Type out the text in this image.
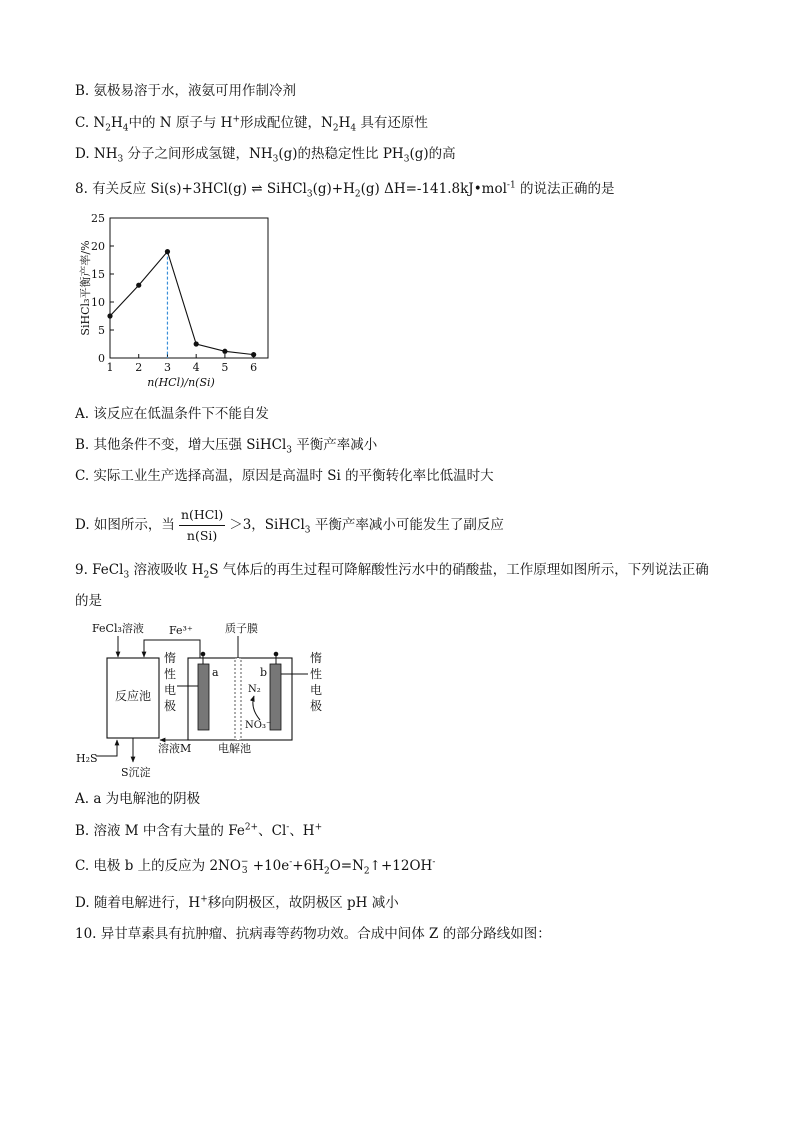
B. 氨极易溶于水，液氨可用作制冷剂
C. $N_2H_4$中的 N 原子与 H+形成配位键，$N_2H_4$ 具有还原性
D. $NH_3$ 分子之间形成氢键，$NH_3(g)$的热稳定性比 $PH_3(g)$的高
8. 有关反应 Si(s)+3HCl(g) ⇌ $SiHCl_3(g)+H_2(g)$ ΔH=-141.8kJ•mol$^{-1}$ 的说法正确的是
0
5
10
15
20
25
1 2 3 4 5 6
n(HCl)/n(Si)
SiHCl₃平衡产率/%
A. 该反应在低温条件下不能自发
B. 其他条件不变，增大压强 SiHCl$_3$ 平衡产率减小
C. 实际工业生产选择高温，原因是高温时 Si 的平衡转化率比低温时大
D. 如图所示，当 $\frac{\text{n(HCl)}}{n(Si)} >3$，SiHCl$_3$ 平衡产率减小可能发生了副反应
9. FeCl$_3$ 溶液吸收 $H_2S$ 气体后的再生过程可降解酸性污水中的硝酸盐，工作原理如图所示，下列说法正确
的是
反应池
FeCl₃溶液 Fe³⁺
H₂S
S沉淀
溶液M 电解池
质子膜
a	b
N₂
NO₃⁻
惰
性
电
极
惰
性
电
极
A. a 为电解池的阴极
B. 溶液 M 中含有大量的 $Fe^{2+}$、Cl-、H+
C. 电极 b 上的反应为 2NO −
$3 +10e^-+6H_2O=N_2↑+12OH^-$
D. 随着电解进行，H+移向阴极区，故阴极区 pH 减小
10. 异甘草素具有抗肿瘤、抗病毒等药物功效。合成中间体 Z 的部分路线如图：
